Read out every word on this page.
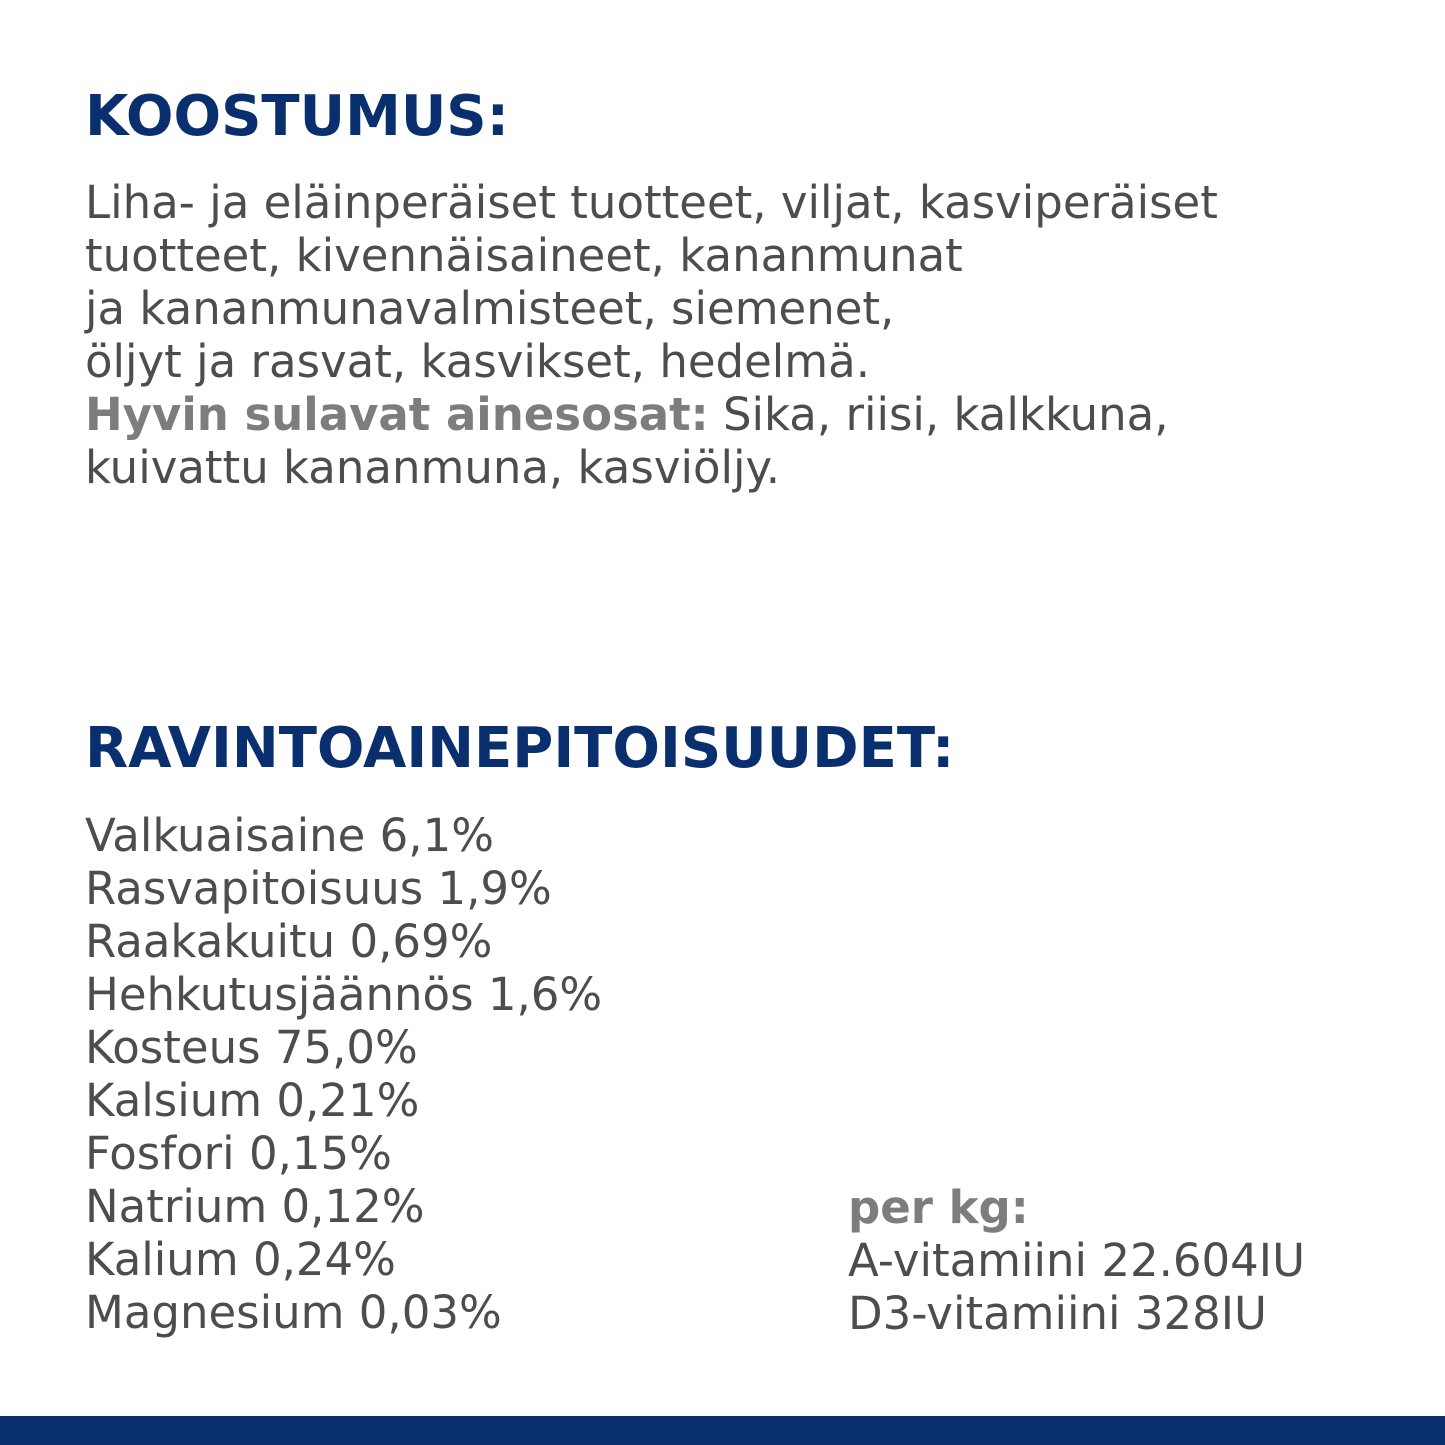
KOOSTUMUS:
Liha- ja eläinperäiset tuotteet, viljat, kasviperäiset
tuotteet, kivennäisaineet, kananmunat
ja kananmunavalmisteet, siemenet,
öljyt ja rasvat, kasvikset, hedelmä.
Hyvin sulavat ainesosat: Sika, riisi, kalkkuna,
kuivattu kananmuna, kasviöljy.
RAVINTOAINEPITOISUUDET:
Valkuaisaine 6,1%
Rasvapitoisuus 1,9%
Raakakuitu 0,69%
Hehkutusjäännös 1,6%
Kosteus 75,0%
Kalsium 0,21%
Fosfori 0,15%
Natrium 0,12%
Kalium 0,24%
Magnesium 0,03%
per kg:
A-vitamiini 22.604IU
D3-vitamiini 328IU
